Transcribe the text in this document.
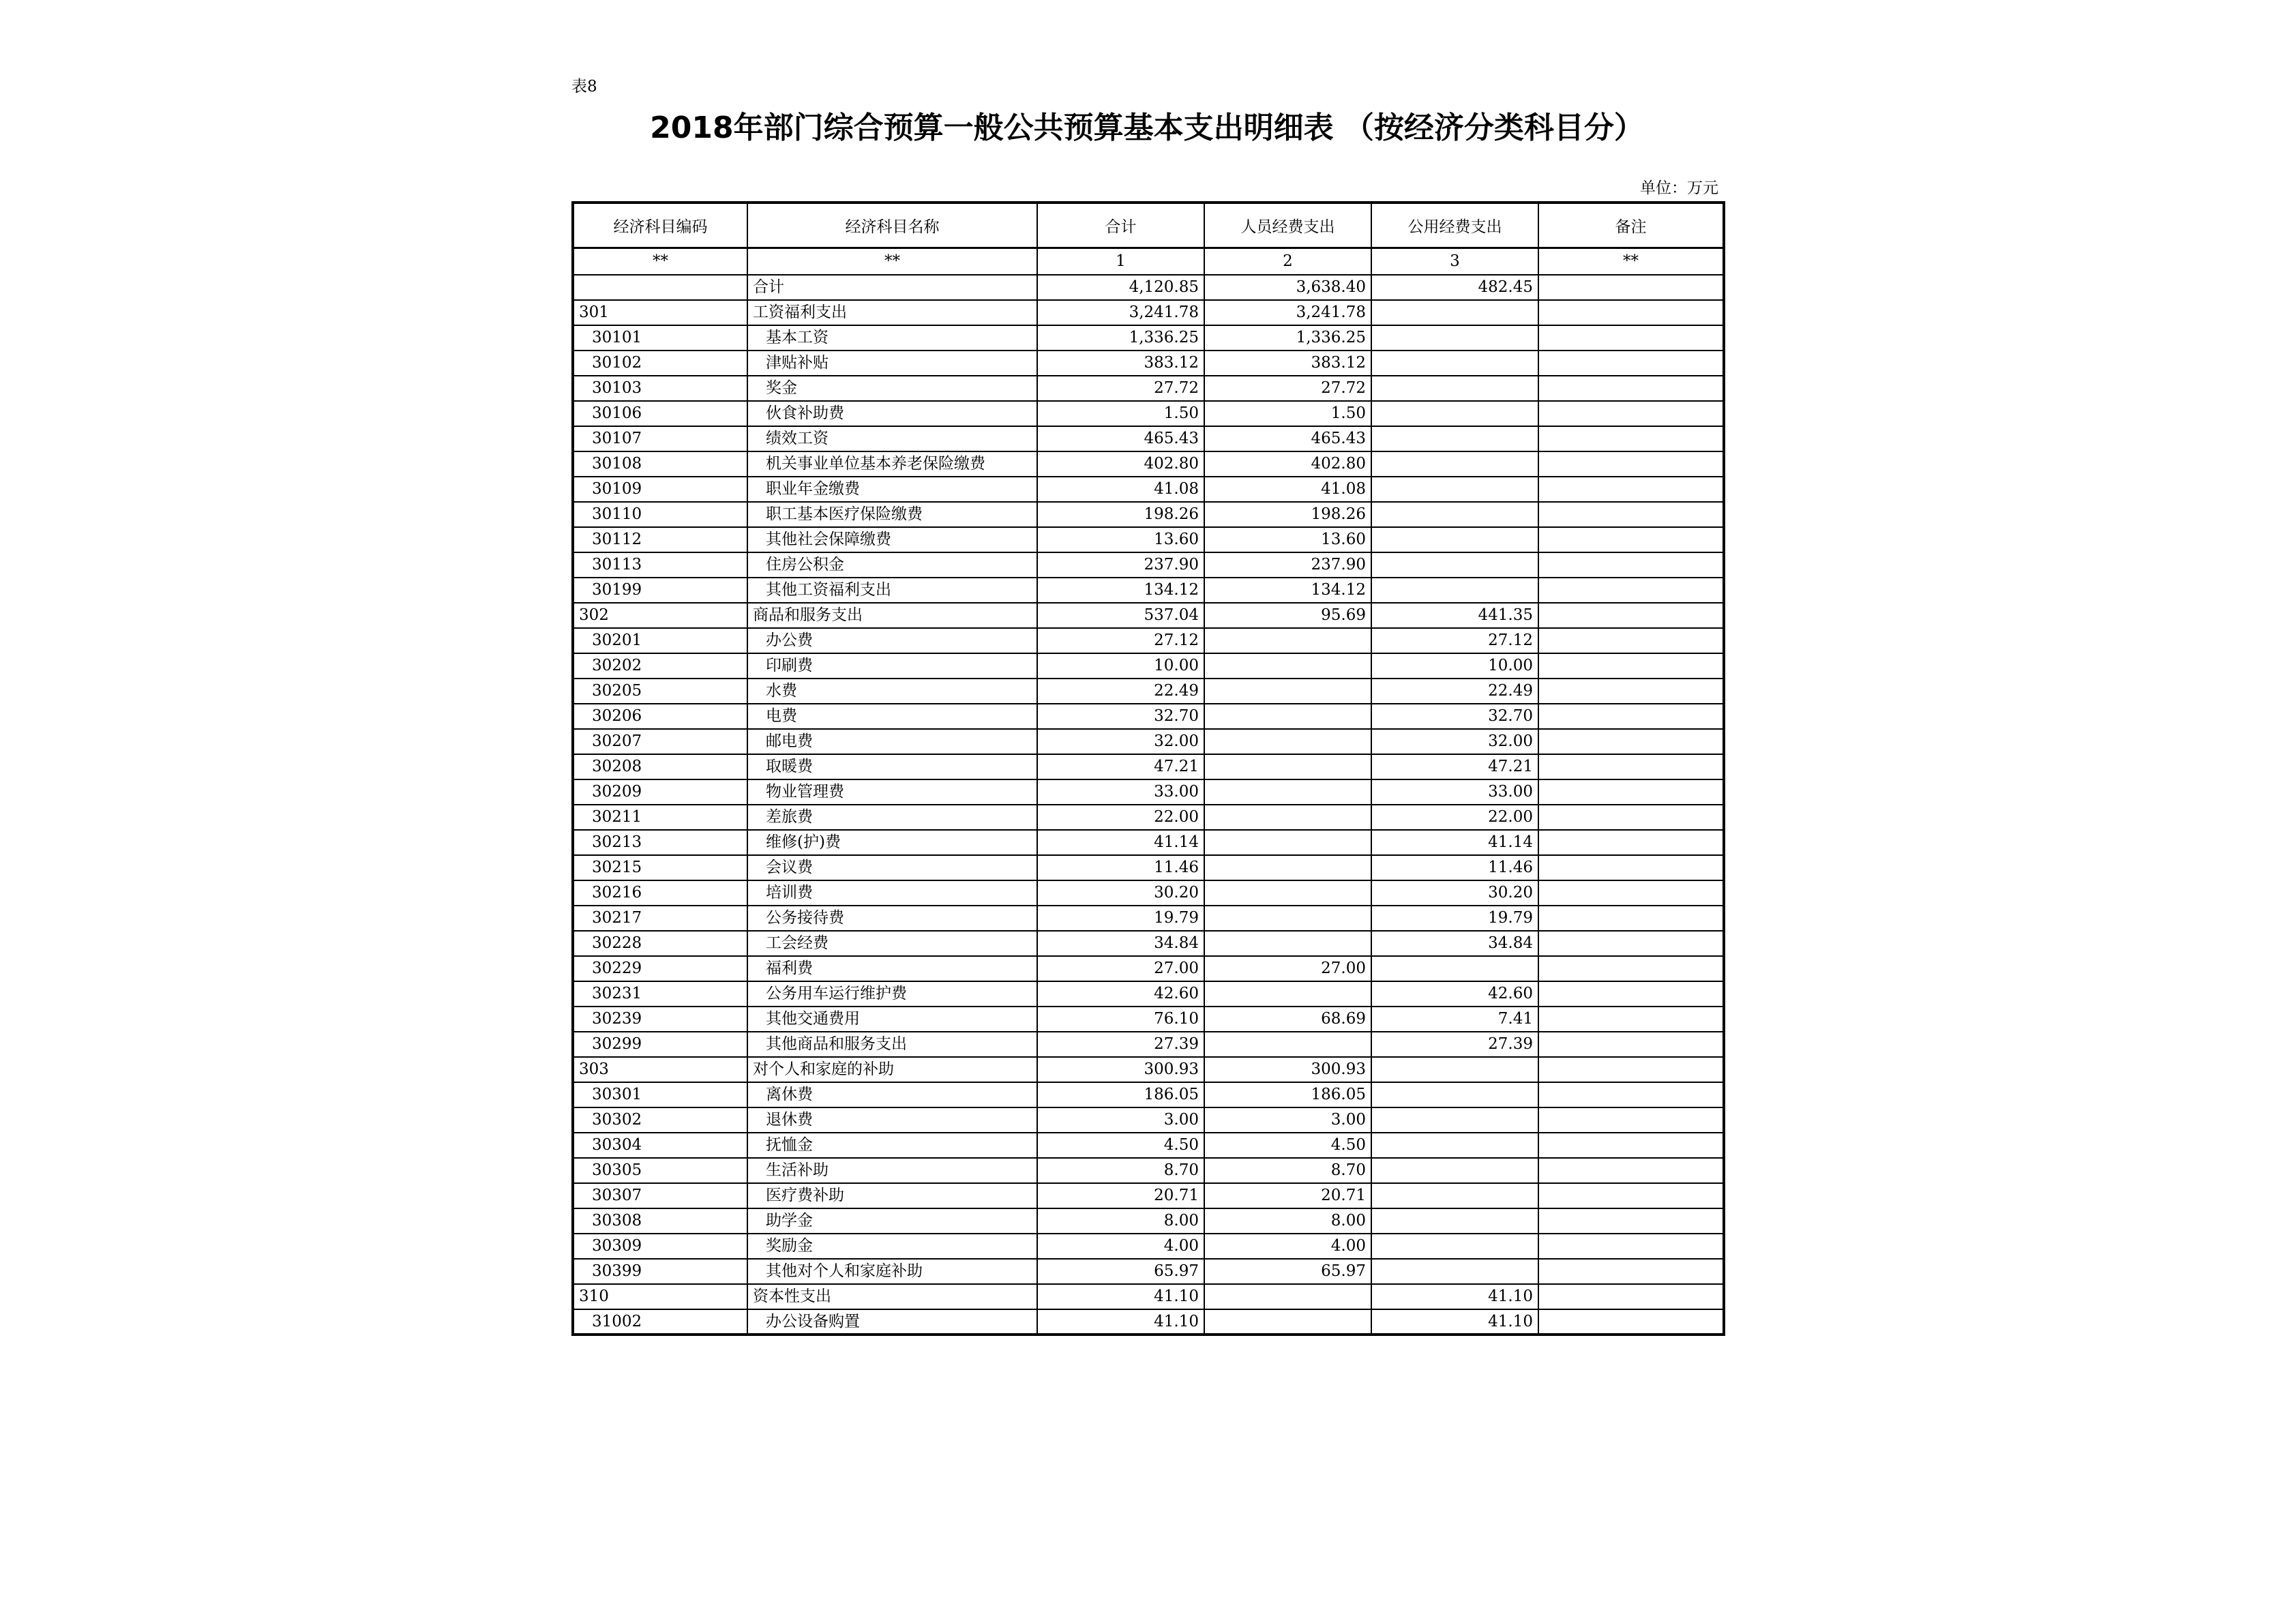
表8
2018年部门综合预算一般公共预算基本支出明细表 （按经济分类科目分）
单位：万元
经济科目编码	经济科目名称	合计	人员经费支出	公用经费支出	备注
**	**	1	2	3	**
	合计	4,120.85	3,638.40	482.45	
301	工资福利支出	3,241.78	3,241.78		
30101	基本工资	1,336.25	1,336.25		
30102	津贴补贴	383.12	383.12		
30103	奖金	27.72	27.72		
30106	伙食补助费	1.50	1.50		
30107	绩效工资	465.43	465.43		
30108	机关事业单位基本养老保险缴费	402.80	402.80		
30109	职业年金缴费	41.08	41.08		
30110	职工基本医疗保险缴费	198.26	198.26		
30112	其他社会保障缴费	13.60	13.60		
30113	住房公积金	237.90	237.90		
30199	其他工资福利支出	134.12	134.12		
302	商品和服务支出	537.04	95.69	441.35	
30201	办公费	27.12		27.12	
30202	印刷费	10.00		10.00	
30205	水费	22.49		22.49	
30206	电费	32.70		32.70	
30207	邮电费	32.00		32.00	
30208	取暖费	47.21		47.21	
30209	物业管理费	33.00		33.00	
30211	差旅费	22.00		22.00	
30213	维修(护)费	41.14		41.14	
30215	会议费	11.46		11.46	
30216	培训费	30.20		30.20	
30217	公务接待费	19.79		19.79	
30228	工会经费	34.84		34.84	
30229	福利费	27.00	27.00		
30231	公务用车运行维护费	42.60		42.60	
30239	其他交通费用	76.10	68.69	7.41	
30299	其他商品和服务支出	27.39		27.39	
303	对个人和家庭的补助	300.93	300.93		
30301	离休费	186.05	186.05		
30302	退休费	3.00	3.00		
30304	抚恤金	4.50	4.50		
30305	生活补助	8.70	8.70		
30307	医疗费补助	20.71	20.71		
30308	助学金	8.00	8.00		
30309	奖励金	4.00	4.00		
30399	其他对个人和家庭补助	65.97	65.97		
310	资本性支出	41.10		41.10	
31002	办公设备购置	41.10		41.10	
